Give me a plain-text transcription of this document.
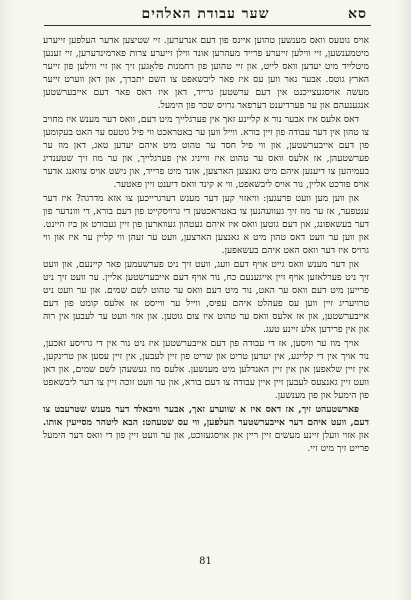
סא
שער עבודת האלהים

אויס גוטעס וואס מענשען טהוען איינס פון דעם אנדערען. זיי שטיצען אדער העלפען זייערע מיטמענשען, זיי ווילען זייערע פרייד מעהרען אונד ווילן זייערע צרות פארמינדערען, זיי זענען מיטלייד מיט יעדען וואס לייט, און זיי טהוען פון רחמנות פלאָגען זיך און זיי ווילען פון זייער הארץ גוטס. אבער נאר ווען עס איז פאר ליבשאפט צו השם יתברך, און דאן ווערט זייער מעשה אויסגעצייכנט אין דעם ערשטען גרייד, דאן איז דאס פאר דעם אייבערשטען אנגענעהם און ער פערדיענט דערפאר גרויס שכר פון הימעל.

דאס אלעס איז אבער נור א קליינע זאך אין פערגלייך מיט דעם, וואס דער מענש איז מחויב צו טהון אין דער עבודה פון זיין בורא. ווייל ווען ער באטראכט ווי פיל גוטעס ער האט בעקומען פון דעם אייבערשטען, און ווי פיל חסד ער טהוט מיט איהם יעדען טאג, דאן מוז ער פערשטעהן, אז אלעס וואס ער טהוט איז ווייניג אין פערגלייך, און ער מוז זיך שטענדיג בעמיהען צו דיענען איהם מיט גאנצען הארצען, אונד מיט פרייד, און נישט אויס צוואנג אדער אויס פורכט אליין, נור אויס ליבשאפט, ווי א קינד וואס דיענט זיין פאטער.

און ווען מען וועט פרעגען: וויאזוי קען דער מענש דערגרייכען צו אזא מדרגה? איז דער ענטפער, אז ער מוז זיך געוועהנען צו באטראכטען די גרויסקייט פון דעם בורא, די ווונדער פון דער בעשאפונג, און דעם גוטען וואס איז איהם געטהון געווארען פון זיין געבורט אן ביז היינט. און ווען ער וועט דאס טהון מיט א גאנצען הארצען, וועט ער זעהן ווי קליין ער איז און ווי גרויס איז דער וואס האט איהם בעשאפען.

און דער מענש וואס גייט אויף דעם וועג, וועט זיך ניט פערשעמען פאר קיינעם, און וועט זיך ניט פערלאזען אויף זיין אייגענעם כח, נור אויף דעם אייבערשטען אליין. ער וועט זיך ניט פרייען מיט דעם וואס ער האט, נור מיט דעם וואס ער טהוט לשם שמים. און ער וועט ניט טרויעריג זיין ווען עס פעהלט איהם עפיס, ווייל ער ווייסט אז אלעס קומט פון דעם אייבערשטען, און אז אלעס וואס ער טהוט איז צום גוטען. און אזוי וועט ער לעבען אין רוה און אין פרידען אלע זיינע טעג.

אויך מוז ער וויסען, אז די עבודה פון דעם אייבערשטען איז ניט נור אין די גרויסע זאכען, נור אויך אין די קליינע, אין יעדען טריט און שריט פון זיין לעבען, אין זיין עסען און טרינקען, אין זיין שלאפען און אין זיין האנדלען מיט מענשען. אלעס מוז געשעהן לשם שמים, און דאן וועט זיין גאנצעס לעבען זיין איין עבודה צו דעם בורא, און ער וועט זוכה זיין צו דער ליבשאפט פון הימעל און פון מענשען.

פארשטעהט זיך, אז דאס איז א שווערע זאך, אבער וויבאלד דער מענש שטרעבט צו דעם, וועט איהם דער אייבערשטער העלפען, ווי עס שטעהט: הבא ליטהר מסייעין אותו. און אזוי וועלן זיינע מעשים זיין ריין און אויסגעזוכט, און ער וועט זיין פון די וואס דער הימעל פרייט זיך מיט זיי.

81
